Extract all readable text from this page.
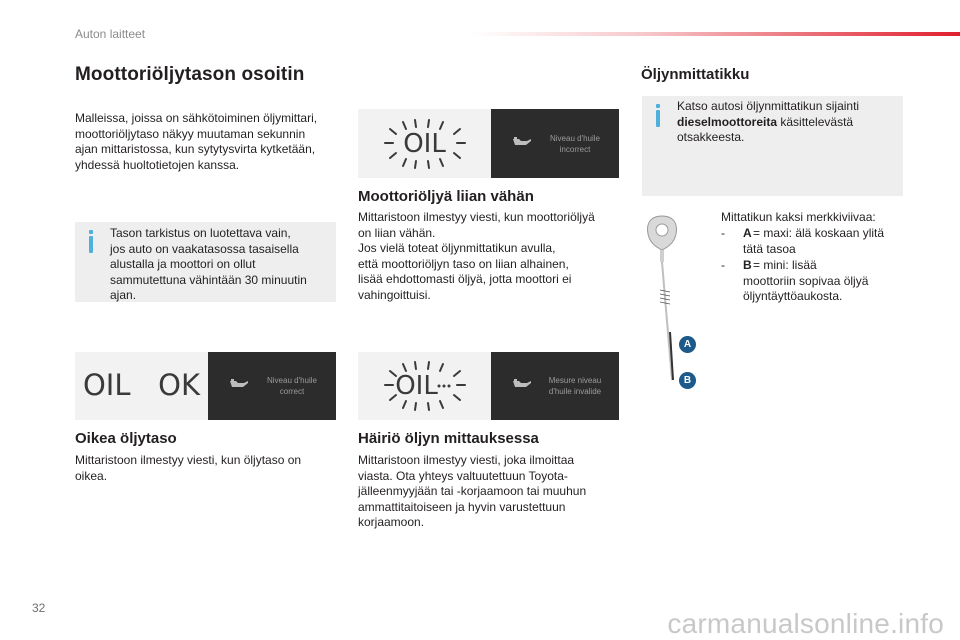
Auton laitteet
Moottoriöljytason osoitin
Malleissa, joissa on sähkötoiminen öljymittari,
moottoriöljytaso näkyy muutaman sekunnin
ajan mittaristossa, kun sytytysvirta kytketään,
yhdessä huoltotietojen kanssa.
Tason tarkistus on luotettava vain,
jos auto on vaakatasossa tasaisella
alustalla ja moottori on ollut
sammutettuna vähintään 30 minuutin
ajan.
OIL   OK	Niveau d'huile
correct
Oikea öljytaso
Mittaristoon ilmestyy viesti, kun öljytaso on
oikea.
OIL	Niveau d'huile
incorrect
Moottoriöljyä liian vähän
Mittaristoon ilmestyy viesti, kun moottoriöljyä
on liian vähän.
Jos vielä toteat öljynmittatikun avulla,
että moottoriöljyn taso on liian alhainen,
lisää ehdottomasti öljyä, jotta moottori ei
vahingoittuisi.
OIL	Mesure niveau
d'huile invalide
Häiriö öljyn mittauksessa
Mittaristoon ilmestyy viesti, joka ilmoittaa
viasta. Ota yhteys valtuutettuun Toyota-
jälleenmyyjään tai -korjaamoon tai muuhun
ammattitaitoiseen ja hyvin varustettuun
korjaamoon.
Öljynmittatikku
Katso autosi öljynmittatikun sijainti dieselmoottoreita käsittelevästä
otsakkeesta.
A
B
Mittatikun kaksi merkkiviivaa:
- A = maxi: älä koskaan ylitä
tätä tasoa
- B = mini: lisää
moottoriin sopivaa öljyä
öljyntäyttöaukosta.
32	carmanualsonline.info
